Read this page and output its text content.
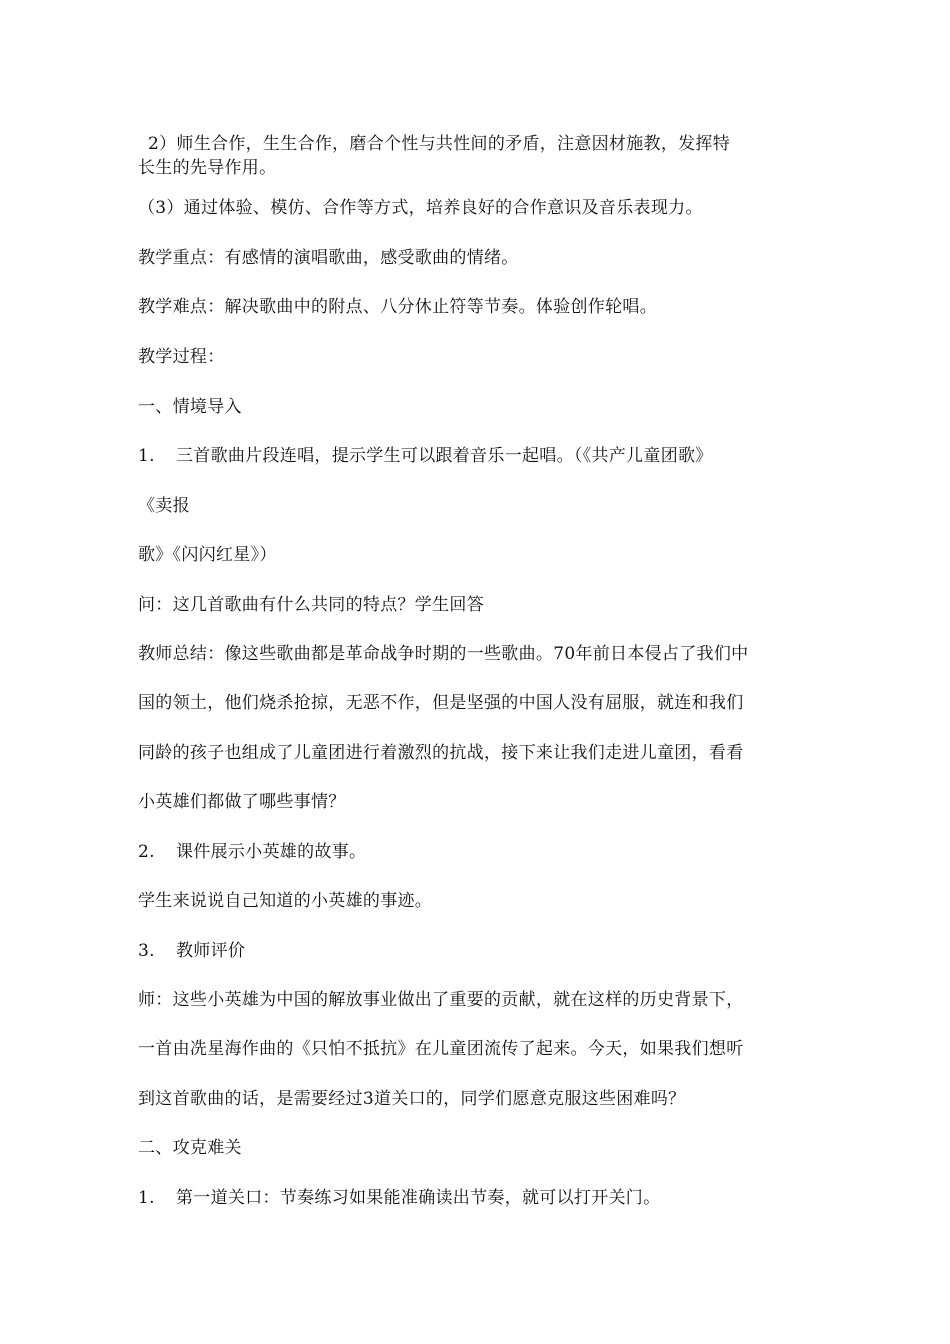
2）师生合作，生生合作，磨合个性与共性间的矛盾，注意因材施教，发挥特
长生的先导作用。
（3）通过体验、模仿、合作等方式，培养良好的合作意识及音乐表现力。
教学重点：有感情的演唱歌曲，感受歌曲的情绪。
教学难点：解决歌曲中的附点、八分休止符等节奏。体验创作轮唱。
教学过程：
一、情境导入
1. 三首歌曲片段连唱，提示学生可以跟着音乐一起唱。（《共产儿童团歌》
《卖报
歌》《闪闪红星》）
问：这几首歌曲有什么共同的特点？学生回答
教师总结：像这些歌曲都是革命战争时期的一些歌曲。70年前日本侵占了我们中
国的领土，他们烧杀抢掠，无恶不作，但是坚强的中国人没有屈服，就连和我们
同龄的孩子也组成了儿童团进行着激烈的抗战，接下来让我们走进儿童团，看看
小英雄们都做了哪些事情？
2. 课件展示小英雄的故事。
学生来说说自己知道的小英雄的事迹。
3. 教师评价
师：这些小英雄为中国的解放事业做出了重要的贡献，就在这样的历史背景下，
一首由冼星海作曲的《只怕不抵抗》在儿童团流传了起来。今天，如果我们想听
到这首歌曲的话，是需要经过3道关口的，同学们愿意克服这些困难吗？
二、攻克难关
1. 第一道关口：节奏练习如果能准确读出节奏，就可以打开关门。
